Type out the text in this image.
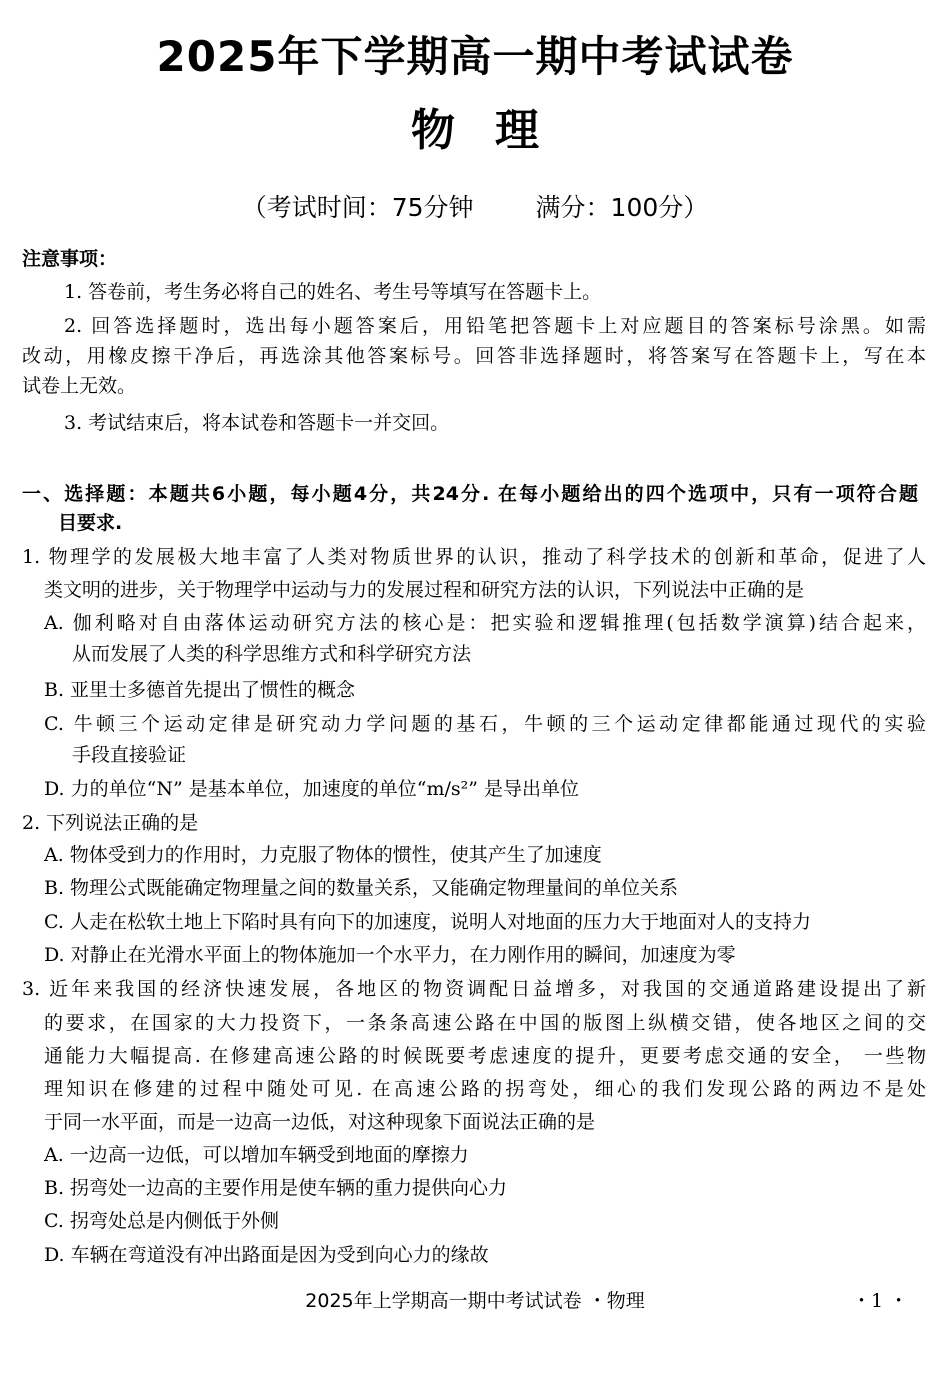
2025年下学期高一期中考试试卷
物理
（考试时间：75分钟 满分：100分）
注意事项：
1. 答卷前，考生务必将自己的姓名、考生号等填写在答题卡上。
2. 回答选择题时，选出每小题答案后，用铅笔把答题卡上对应题目的答案标号涂黑。如需
改动，用橡皮擦干净后，再选涂其他答案标号。回答非选择题时，将答案写在答题卡上，写在本
试卷上无效。
3. 考试结束后，将本试卷和答题卡一并交回。
一、选择题：本题共6小题，每小题4分，共24分. 在每小题给出的四个选项中，只有一项符合题
目要求.
1. 物理学的发展极大地丰富了人类对物质世界的认识，推动了科学技术的创新和革命，促进了人
类文明的进步，关于物理学中运动与力的发展过程和研究方法的认识，下列说法中正确的是
A. 伽利略对自由落体运动研究方法的核心是：把实验和逻辑推理(包括数学演算)结合起来，
从而发展了人类的科学思维方式和科学研究方法
B. 亚里士多德首先提出了惯性的概念
C. 牛顿三个运动定律是研究动力学问题的基石，牛顿的三个运动定律都能通过现代的实验
手段直接验证
D. 力的单位“N” 是基本单位，加速度的单位“m/s²” 是导出单位
2. 下列说法正确的是
A. 物体受到力的作用时，力克服了物体的惯性，使其产生了加速度
B. 物理公式既能确定物理量之间的数量关系，又能确定物理量间的单位关系
C. 人走在松软土地上下陷时具有向下的加速度，说明人对地面的压力大于地面对人的支持力
D. 对静止在光滑水平面上的物体施加一个水平力，在力刚作用的瞬间，加速度为零
3. 近年来我国的经济快速发展，各地区的物资调配日益增多，对我国的交通道路建设提出了新
的要求，在国家的大力投资下，一条条高速公路在中国的版图上纵横交错，使各地区之间的交
通能力大幅提高. 在修建高速公路的时候既要考虑速度的提升，更要考虑交通的安全， 一些物
理知识在修建的过程中随处可见. 在高速公路的拐弯处，细心的我们发现公路的两边不是处
于同一水平面，而是一边高一边低，对这种现象下面说法正确的是
A. 一边高一边低，可以增加车辆受到地面的摩擦力
B. 拐弯处一边高的主要作用是使车辆的重力提供向心力
C. 拐弯处总是内侧低于外侧
D. 车辆在弯道没有冲出路面是因为受到向心力的缘故
2025年上学期高一期中考试试卷 ・物理	・1 ・
